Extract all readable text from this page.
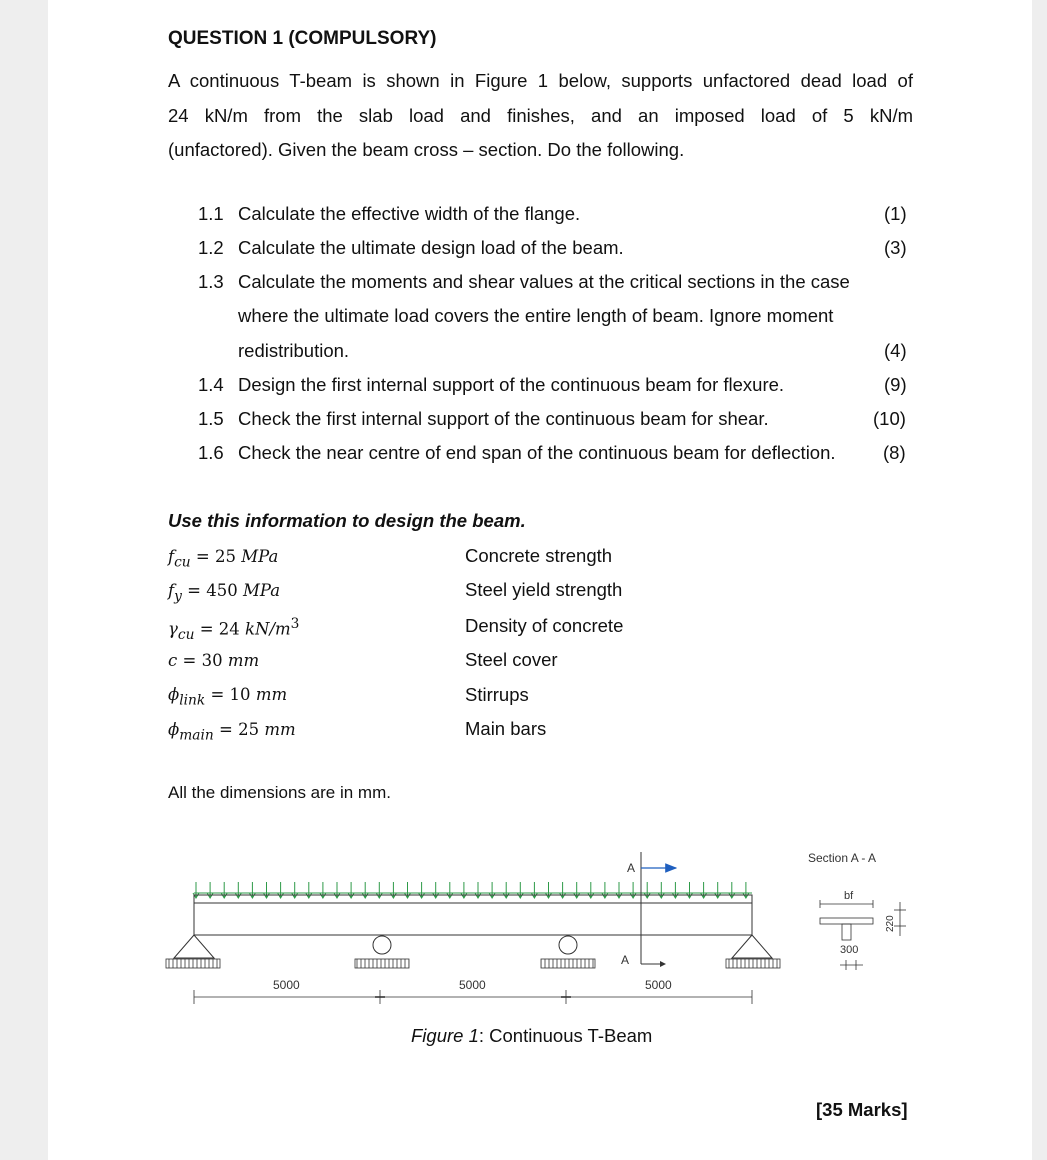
QUESTION 1 (COMPULSORY)
A continuous T-beam is shown in Figure 1 below, supports unfactored dead load of
24 kN/m from the slab load and finishes, and an imposed load of 5 kN/m
(unfactored). Given the beam cross – section. Do the following.
1.1 Calculate the effective width of the flange.	(1)
1.2 Calculate the ultimate design load of the beam.	(3)
1.3 Calculate the moments and shear values at the critical sections in the case
where the ultimate load covers the entire length of beam. Ignore moment
redistribution.	(4)
1.4 Design the first internal support of the continuous beam for flexure.	(9)
1.5 Check the first internal support of the continuous beam for shear.	(10)
1.6 Check the near centre of end span of the continuous beam for deflection.	(8)
Use this information to design the beam.
$f_{cu} = 25$ MPa	Concrete strength
$f_y = 450$ MPa	Steel yield strength
$\gamma_{cu} = 24$ $kN/m^3$	Density of concrete
c = 30 mm	Steel cover
$\phi_{link} = 10$ mm	Stirrups
$\phi_{main} = 25$ mm	Main bars
All the dimensions are in mm.
A
A
5000	5000	5000
Section A - A
bf
300
220
Figure 1: Continuous T-Beam
[35 Marks]
